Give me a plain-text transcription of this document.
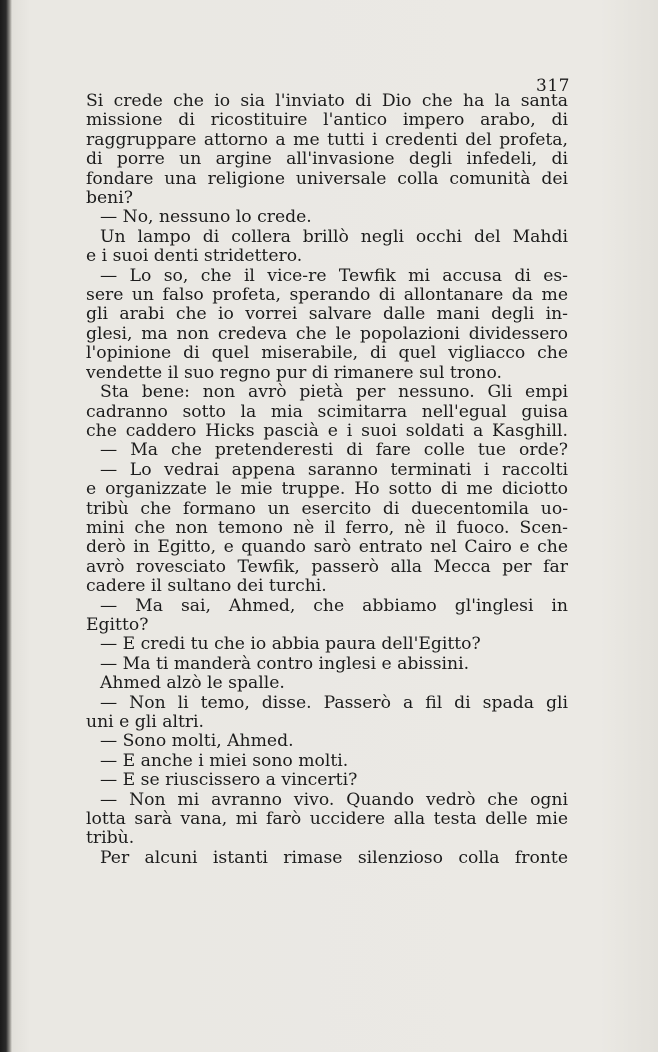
317
Si crede che io sia l'inviato di Dio che ha la santa
missione di ricostituire l'antico impero arabo, di
raggruppare attorno a me tutti i credenti del profeta,
di porre un argine all'invasione degli infedeli, di
fondare una religione universale colla comunità dei
beni?
— No, nessuno lo crede.
Un lampo di collera brillò negli occhi del Mahdi
e i suoi denti stridettero.
— Lo so, che il vice-re Tewfik mi accusa di es-
sere un falso profeta, sperando di allontanare da me
gli arabi che io vorrei salvare dalle mani degli in-
glesi, ma non credeva che le popolazioni dividessero
l'opinione di quel miserabile, di quel vigliacco che
vendette il suo regno pur di rimanere sul trono.
Sta bene: non avrò pietà per nessuno. Gli empi
cadranno sotto la mia scimitarra nell'egual guisa
che caddero Hicks pascià e i suoi soldati a Kasghill.
— Ma che pretenderesti di fare colle tue orde?
— Lo vedrai appena saranno terminati i raccolti
e organizzate le mie truppe. Ho sotto di me diciotto
tribù che formano un esercito di duecentomila uo-
mini che non temono nè il ferro, nè il fuoco. Scen-
derò in Egitto, e quando sarò entrato nel Cairo e che
avrò rovesciato Tewfik, passerò alla Mecca per far
cadere il sultano dei turchi.
— Ma sai, Ahmed, che abbiamo gl'inglesi in
Egitto?
— E credi tu che io abbia paura dell'Egitto?
— Ma ti manderà contro inglesi e abissini.
Ahmed alzò le spalle.
— Non li temo, disse. Passerò a fil di spada gli
uni e gli altri.
— Sono molti, Ahmed.
— E anche i miei sono molti.
— E se riuscissero a vincerti?
— Non mi avranno vivo. Quando vedrò che ogni
lotta sarà vana, mi farò uccidere alla testa delle mie
tribù.
Per alcuni istanti rimase silenzioso colla fronte
